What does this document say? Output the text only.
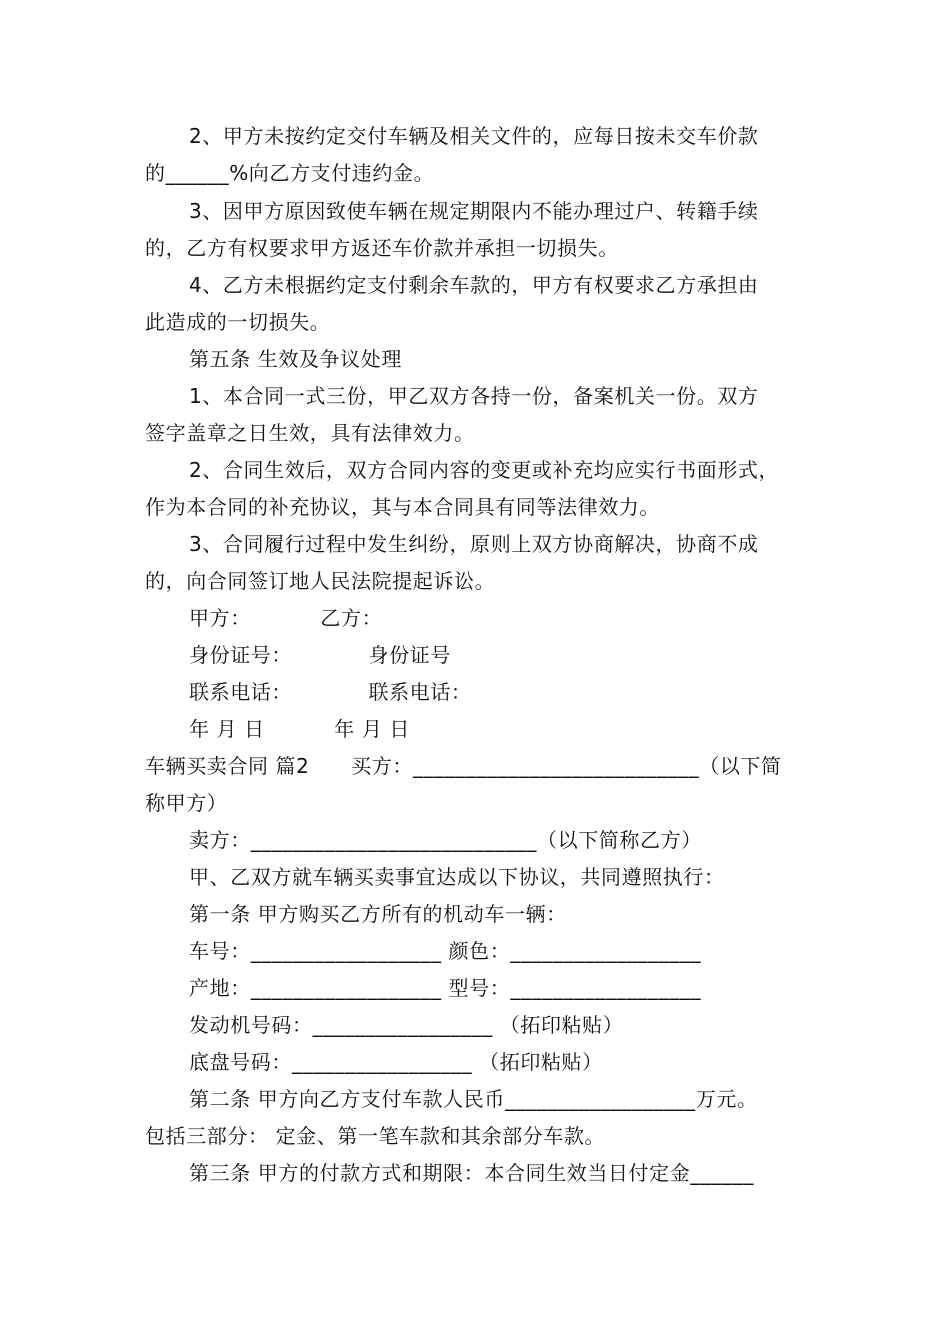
2、甲方未按约定交付车辆及相关文件的，应每日按未交车价款
的______%向乙方支付违约金。
3、因甲方原因致使车辆在规定期限内不能办理过户、转籍手续
的，乙方有权要求甲方返还车价款并承担一切损失。
4、乙方未根据约定支付剩余车款的，甲方有权要求乙方承担由
此造成的一切损失。
第五条 生效及争议处理
1、本合同一式三份，甲乙双方各持一份，备案机关一份。双方
签字盖章之日生效，具有法律效力。
2、合同生效后，双方合同内容的变更或补充均应实行书面形式，
作为本合同的补充协议，其与本合同具有同等法律效力。
3、合同履行过程中发生纠纷，原则上双方协商解决，协商不成
的，向合同签订地人民法院提起诉讼。
甲方：          乙方：
身份证号：           身份证号
联系电话：           联系电话：
年 月 日          年 月 日
车辆买卖合同 篇2      买方：___________________________（以下简
称甲方）
卖方：___________________________（以下简称乙方）
甲、乙双方就车辆买卖事宜达成以下协议，共同遵照执行：
第一条 甲方购买乙方所有的机动车一辆：
车号：__________________ 颜色：__________________
产地：__________________ 型号：__________________
发动机号码：_________________ （拓印粘贴）
底盘号码：_________________ （拓印粘贴）
第二条 甲方向乙方支付车款人民币__________________万元。
包括三部分： 定金、第一笔车款和其余部分车款。
第三条 甲方的付款方式和期限：本合同生效当日付定金______
